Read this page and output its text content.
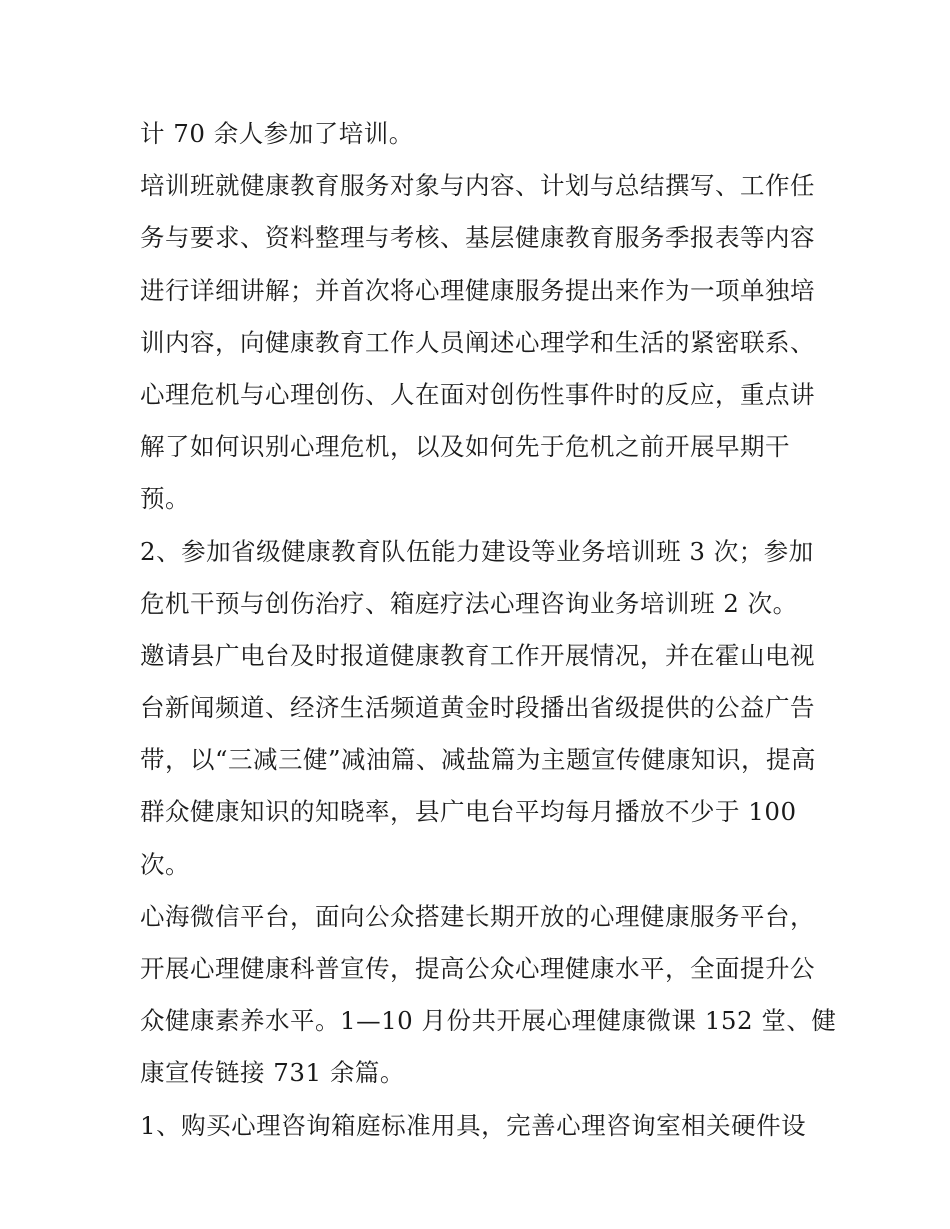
计 70 余人参加了培训。
培训班就健康教育服务对象与内容、计划与总结撰写、工作任
务与要求、资料整理与考核、基层健康教育服务季报表等内容
进行详细讲解；并首次将心理健康服务提出来作为一项单独培
训内容，向健康教育工作人员阐述心理学和生活的紧密联系、
心理危机与心理创伤、人在面对创伤性事件时的反应，重点讲
解了如何识别心理危机，以及如何先于危机之前开展早期干
预。
2、参加省级健康教育队伍能力建设等业务培训班 3 次；参加
危机干预与创伤治疗、箱庭疗法心理咨询业务培训班 2 次。
邀请县广电台及时报道健康教育工作开展情况，并在霍山电视
台新闻频道、经济生活频道黄金时段播出省级提供的公益广告
带，以“三减三健”减油篇、减盐篇为主题宣传健康知识，提高
群众健康知识的知晓率，县广电台平均每月播放不少于 100
次。
心海微信平台，面向公众搭建长期开放的心理健康服务平台，
开展心理健康科普宣传，提高公众心理健康水平，全面提升公
众健康素养水平。1—10 月份共开展心理健康微课 152 堂、健
康宣传链接 731 余篇。
1、购买心理咨询箱庭标准用具，完善心理咨询室相关硬件设
